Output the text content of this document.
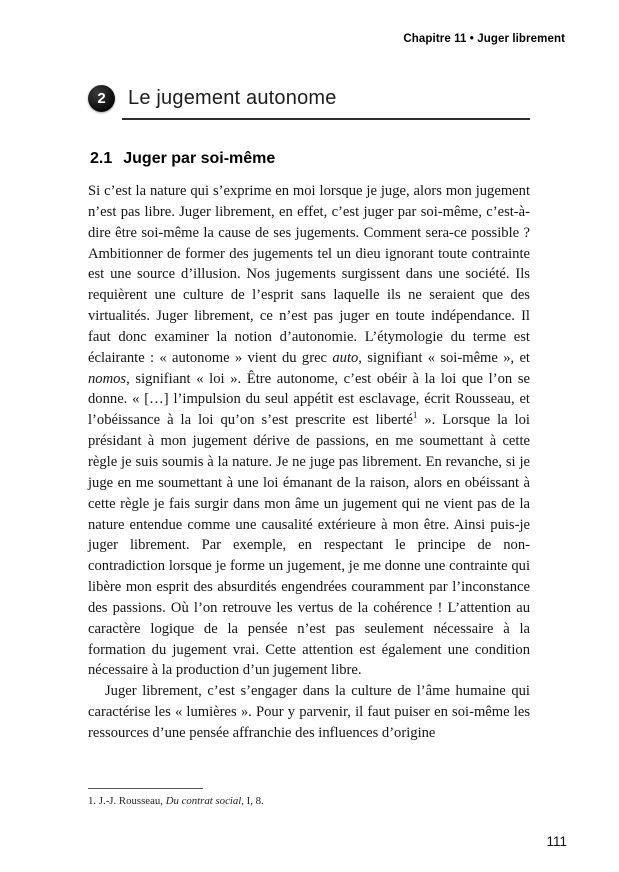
Chapitre 11 • Juger librement
2	Le jugement autonome
2.1 Juger par soi-même

Si c’est la nature qui s’exprime en moi lorsque je juge, alors mon jugement n’est pas libre. Juger librement, en effet, c’est juger par soi-même, c’est-à-dire être soi-même la cause de ses jugements. Comment sera-ce possible ? Ambitionner de former des jugements tel un dieu ignorant toute contrainte est une source d’illusion. Nos jugements surgissent dans une société. Ils requièrent une culture de l’esprit sans laquelle ils ne seraient que des virtualités. Juger librement, ce n’est pas juger en toute indépendance. Il faut donc examiner la notion d’autonomie. L’étymologie du terme est éclairante : « autonome » vient du grec auto, signifiant « soi-même », et nomos, signifiant « loi ». Être autonome, c’est obéir à la loi que l’on se donne. « […] l’impulsion du seul appétit est esclavage, écrit Rousseau, et l’obéissance à la loi qu’on s’est prescrite est liberté$^1$ ». Lorsque la loi présidant à mon jugement dérive de passions, en me soumettant à cette règle je suis soumis à la nature. Je ne juge pas librement. En revanche, si je juge en me soumettant à une loi émanant de la raison, alors en obéissant à cette règle je fais surgir dans mon âme un jugement qui ne vient pas de la nature entendue comme une causalité extérieure à mon être. Ainsi puis-je juger librement. Par exemple, en respectant le principe de non-contradiction lorsque je forme un jugement, je me donne une contrainte qui libère mon esprit des absurdités engendrées couramment par l’inconstance des passions. Où l’on retrouve les vertus de la cohérence ! L’attention au caractère logique de la pensée n’est pas seulement nécessaire à la formation du jugement vrai. Cette attention est également une condition nécessaire à la production d’un jugement libre.

Juger librement, c’est s’engager dans la culture de l’âme humaine qui caractérise les « lumières ». Pour y parvenir, il faut puiser en soi-même les ressources d’une pensée affranchie des influences d’origine

1. J.-J. Rousseau, Du contrat social, I, 8.
111
